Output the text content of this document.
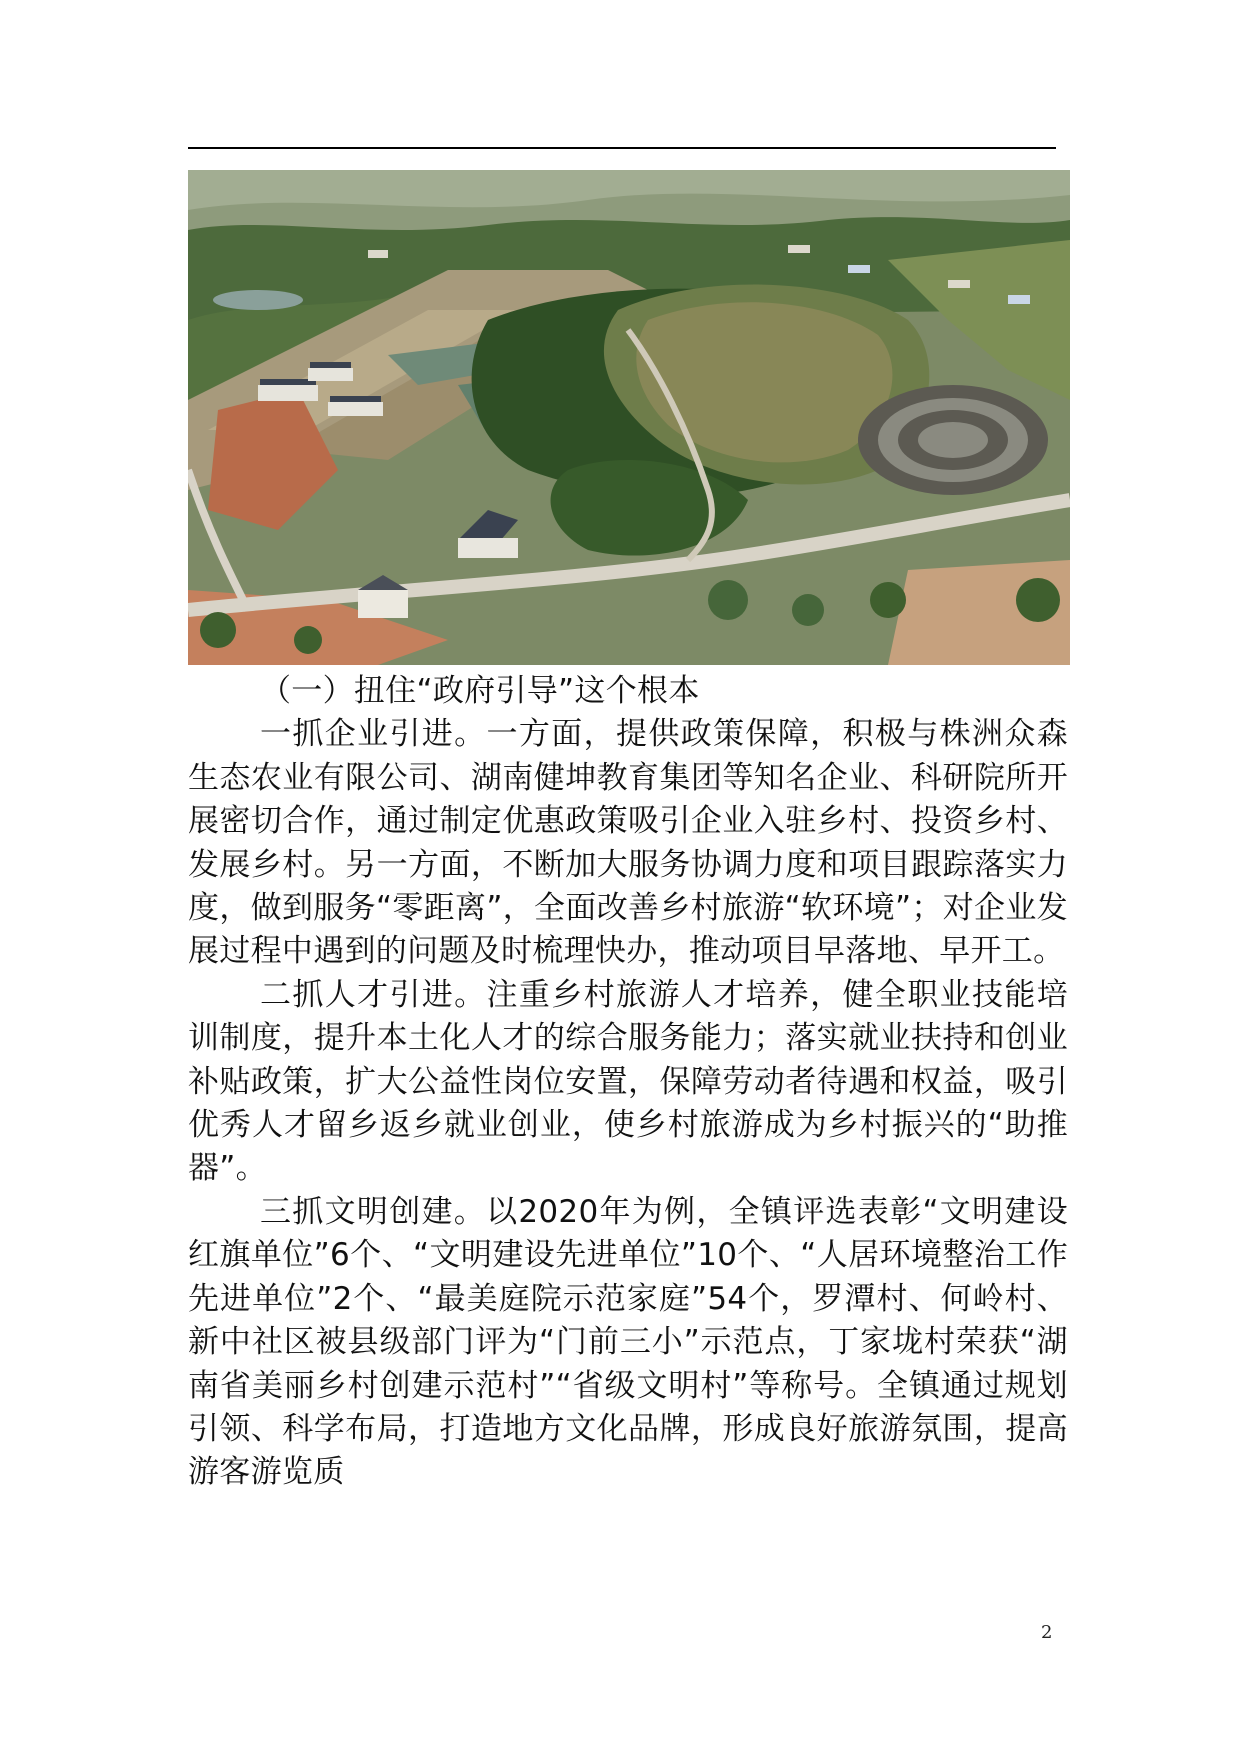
（一）扭住“政府引导”这个根本

一抓企业引进。一方面，提供政策保障，积极与株洲众森生态农业有限公司、湖南健坤教育集团等知名企业、科研院所开展密切合作，通过制定优惠政策吸引企业入驻乡村、投资乡村、发展乡村。另一方面，不断加大服务协调力度和项目跟踪落实力度，做到服务“零距离”，全面改善乡村旅游“软环境”；对企业发展过程中遇到的问题及时梳理快办，推动项目早落地、早开工。

二抓人才引进。注重乡村旅游人才培养，健全职业技能培训制度，提升本土化人才的综合服务能力；落实就业扶持和创业补贴政策，扩大公益性岗位安置，保障劳动者待遇和权益，吸引优秀人才留乡返乡就业创业，使乡村旅游成为乡村振兴的“助推器”。

三抓文明创建。以2020年为例，全镇评选表彰“文明建设红旗单位”6个、“文明建设先进单位”10个、“人居环境整治工作先进单位”2个、“最美庭院示范家庭”54个，罗潭村、何岭村、新中社区被县级部门评为“门前三小”示范点，丁家垅村荣获“湖南省美丽乡村创建示范村”“省级文明村”等称号。全镇通过规划引领、科学布局，打造地方文化品牌，形成良好旅游氛围，提高游客游览质

2
